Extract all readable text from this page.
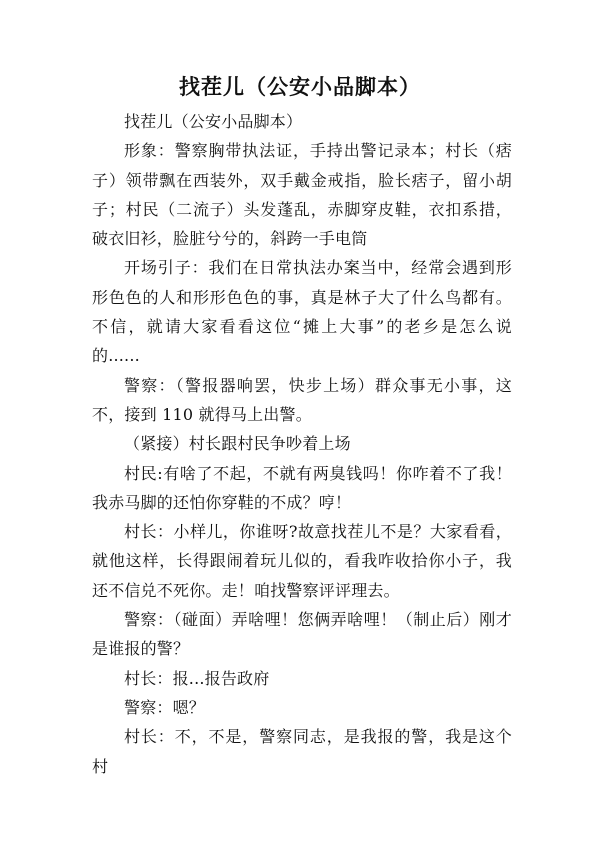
找茬儿（公安小品脚本）

找茬儿（公安小品脚本）

形象：警察胸带执法证，手持出警记录本；村长（痞子）领带飘在西装外，双手戴金戒指，脸长痞子，留小胡子；村民（二流子）头发蓬乱，赤脚穿皮鞋，衣扣系措，破衣旧衫，脸脏兮兮的，斜跨一手电筒

开场引子：我们在日常执法办案当中，经常会遇到形形色色的人和形形色色的事，真是林子大了什么鸟都有。不信，就请大家看看这位“摊上大事”的老乡是怎么说的......

警察：（警报器响罢，快步上场）群众事无小事，这不，接到 110 就得马上出警。

（紧接）村长跟村民争吵着上场

村民:有啥了不起，不就有两臭钱吗！你咋着不了我！我赤马脚的还怕你穿鞋的不成？哼！

村长：小样儿，你谁呀?故意找茬儿不是？大家看看，就他这样，长得跟闹着玩儿似的，看我咋收拾你小子，我还不信兑不死你。走！咱找警察评评理去。

警察：（碰面）弄啥哩！您俩弄啥哩！（制止后）刚才是谁报的警？

村长：报...报告政府

警察：嗯？

村长：不，不是，警察同志，是我报的警，我是这个村
